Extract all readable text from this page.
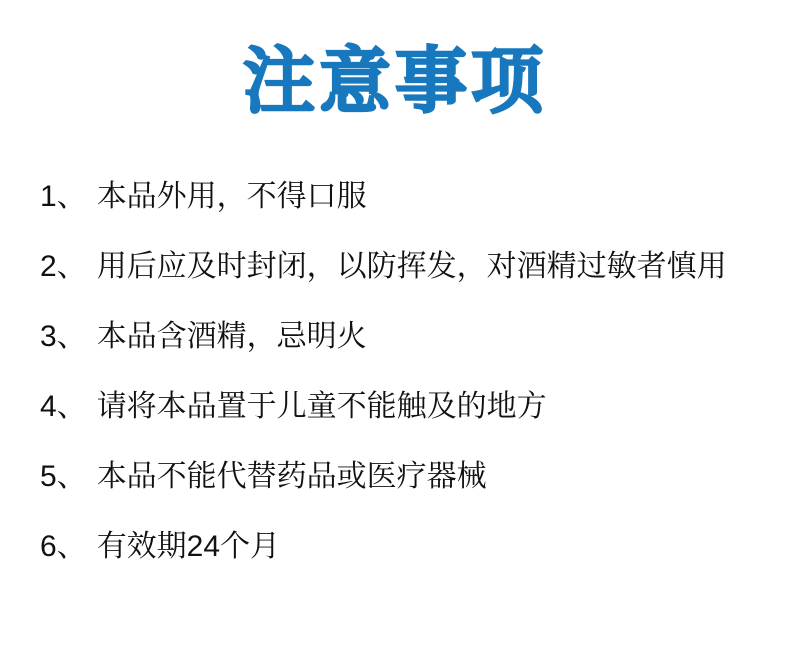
注意事项
1、 本品外用，不得口服
2、 用后应及时封闭，以防挥发，对酒精过敏者慎用
3、 本品含酒精，忌明火
4、 请将本品置于儿童不能触及的地方
5、 本品不能代替药品或医疗器械
6、 有效期24个月
